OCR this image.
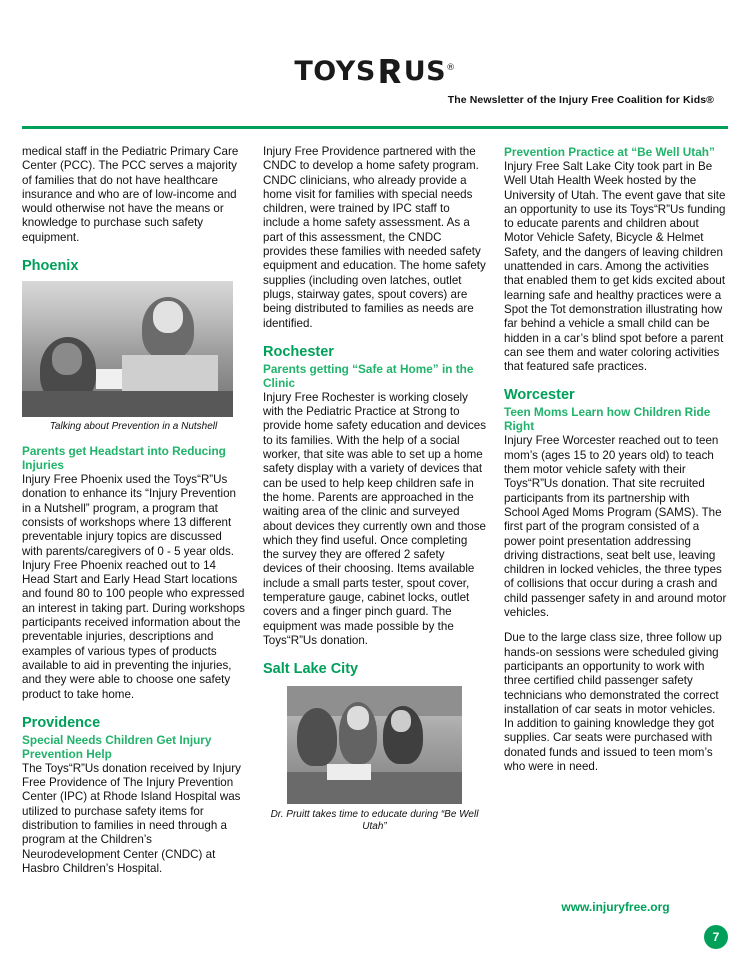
TOYSЯUS®
The Newsletter of the Injury Free Coalition for Kids®

medical staff in the Pediatric Primary Care Center (PCC). The PCC serves a majority of families that do not have healthcare insurance and who are of low-income and would otherwise not have the means or knowledge to purchase such safety equipment.

Phoenix
Talking about Prevention in a Nutshell
Parents get Headstart into Reducing Injuries

Injury Free Phoenix used the Toys“R”Us donation to enhance its “Injury Prevention in a Nutshell” program, a program that consists of workshops where 13 different preventable injury topics are discussed with parents/caregivers of 0 - 5 year olds. Injury Free Phoenix reached out to 14 Head Start and Early Head Start locations and found 80 to 100 people who expressed an interest in taking part. During workshops participants received information about the preventable injuries, descriptions and examples of various types of products available to aid in preventing the injuries, and they were able to choose one safety product to take home.

Providence
Special Needs Children Get Injury Prevention Help

The Toys“R”Us donation received by Injury Free Providence of The Injury Prevention Center (IPC) at Rhode Island Hospital was utilized to purchase safety items for distribution to families in need through a program at the Children’s Neurodevelopment Center (CNDC) at Hasbro Children’s Hospital.

Injury Free Providence partnered with the CNDC to develop a home safety program. CNDC clinicians, who already provide a home visit for families with special needs children, were trained by IPC staff to include a home safety assessment. As a part of this assessment, the CNDC provides these families with needed safety equipment and education. The home safety supplies (including oven latches, outlet plugs, stairway gates, spout covers) are being distributed to families as needs are identified.

Rochester
Parents getting “Safe at Home” in the Clinic

Injury Free Rochester is working closely with the Pediatric Practice at Strong to provide home safety education and devices to its families. With the help of a social worker, that site was able to set up a home safety display with a variety of devices that can be used to help keep children safe in the home. Parents are approached in the waiting area of the clinic and surveyed about devices they currently own and those which they find useful. Once completing the survey they are offered 2 safety devices of their choosing. Items available include a small parts tester, spout cover, temperature gauge, cabinet locks, outlet covers and a finger pinch guard. The equipment was made possible by the Toys“R”Us donation.

Salt Lake City
Dr. Pruitt takes time to educate during “Be Well Utah”
Prevention Practice at “Be Well Utah”

Injury Free Salt Lake City took part in Be Well Utah Health Week hosted by the University of Utah. The event gave that site an opportunity to use its Toys“R”Us funding to educate parents and children about Motor Vehicle Safety, Bicycle & Helmet Safety, and the dangers of leaving children unattended in cars. Among the activities that enabled them to get kids excited about learning safe and healthy practices were a Spot the Tot demonstration illustrating how far behind a vehicle a small child can be hidden in a car’s blind spot before a parent can see them and water coloring activities that featured safe practices.

Worcester
Teen Moms Learn how Children Ride Right

Injury Free Worcester reached out to teen mom’s (ages 15 to 20 years old) to teach them motor vehicle safety with their Toys“R”Us donation. That site recruited participants from its partnership with School Aged Moms Program (SAMS). The first part of the program consisted of a power point presentation addressing driving distractions, seat belt use, leaving children in locked vehicles, the three types of collisions that occur during a crash and child passenger safety in and around motor vehicles.

Due to the large class size, three follow up hands-on sessions were scheduled giving participants an opportunity to work with three certified child passenger safety technicians who demonstrated the correct installation of car seats in motor vehicles. In addition to gaining knowledge they got supplies. Car seats were purchased with donated funds and issued to teen mom’s who were in need.

www.injuryfree.org
7
